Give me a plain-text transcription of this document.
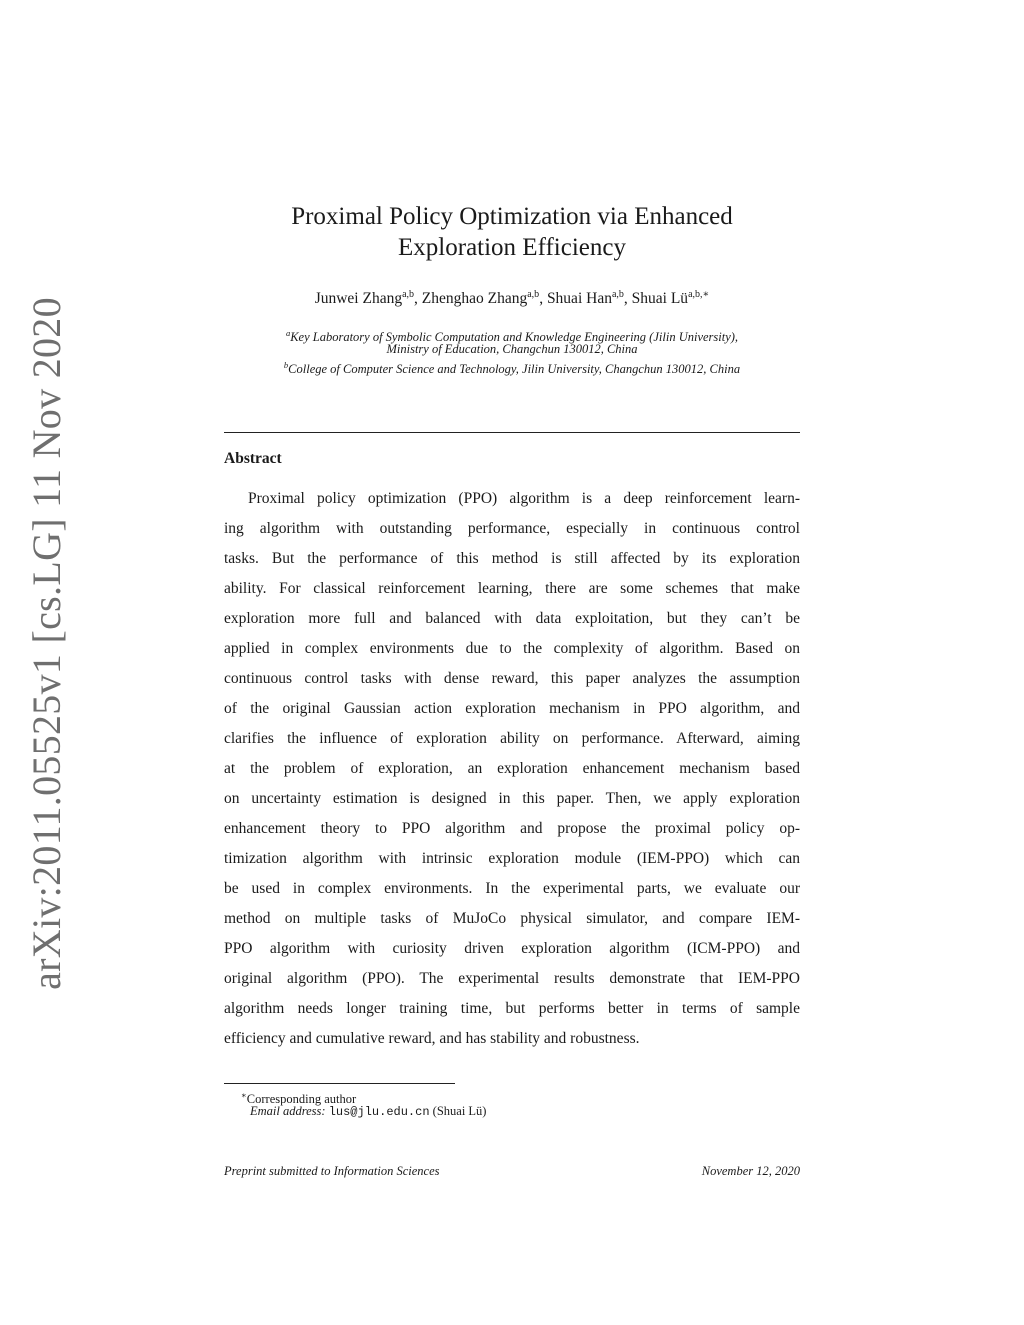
arXiv:2011.05525v1 [cs.LG] 11 Nov 2020
Proximal Policy Optimization via Enhanced
Exploration Efficiency
Junwei Zhang$^{a,b}$, Zhenghao Zhang$^{a,b}$, Shuai Han$^{a,b}$, Shuai $Lü^{a,b,∗}$
$^a$Key Laboratory of Symbolic Computation and Knowledge Engineering (Jilin University),
Ministry of Education, Changchun 130012, China
$^b$College of Computer Science and Technology, Jilin University, Changchun 130012, China
Abstract
Proximal policy optimization (PPO) algorithm is a deep reinforcement learn-
ing algorithm with outstanding performance, especially in continuous control
tasks. But the performance of this method is still affected by its exploration
ability. For classical reinforcement learning, there are some schemes that make
exploration more full and balanced with data exploitation, but they can’t be
applied in complex environments due to the complexity of algorithm. Based on
continuous control tasks with dense reward, this paper analyzes the assumption
of the original Gaussian action exploration mechanism in PPO algorithm, and
clarifies the influence of exploration ability on performance. Afterward, aiming
at the problem of exploration, an exploration enhancement mechanism based
on uncertainty estimation is designed in this paper. Then, we apply exploration
enhancement theory to PPO algorithm and propose the proximal policy op-
timization algorithm with intrinsic exploration module (IEM-PPO) which can
be used in complex environments. In the experimental parts, we evaluate our
method on multiple tasks of MuJoCo physical simulator, and compare IEM-
PPO algorithm with curiosity driven exploration algorithm (ICM-PPO) and
original algorithm (PPO). The experimental results demonstrate that IEM-PPO
algorithm needs longer training time, but performs better in terms of sample
efficiency and cumulative reward, and has stability and robustness.
∗Corresponding author
Email address: lus@jlu.edu.cn (Shuai Lü)
Preprint submitted to Information Sciences	November 12, 2020
